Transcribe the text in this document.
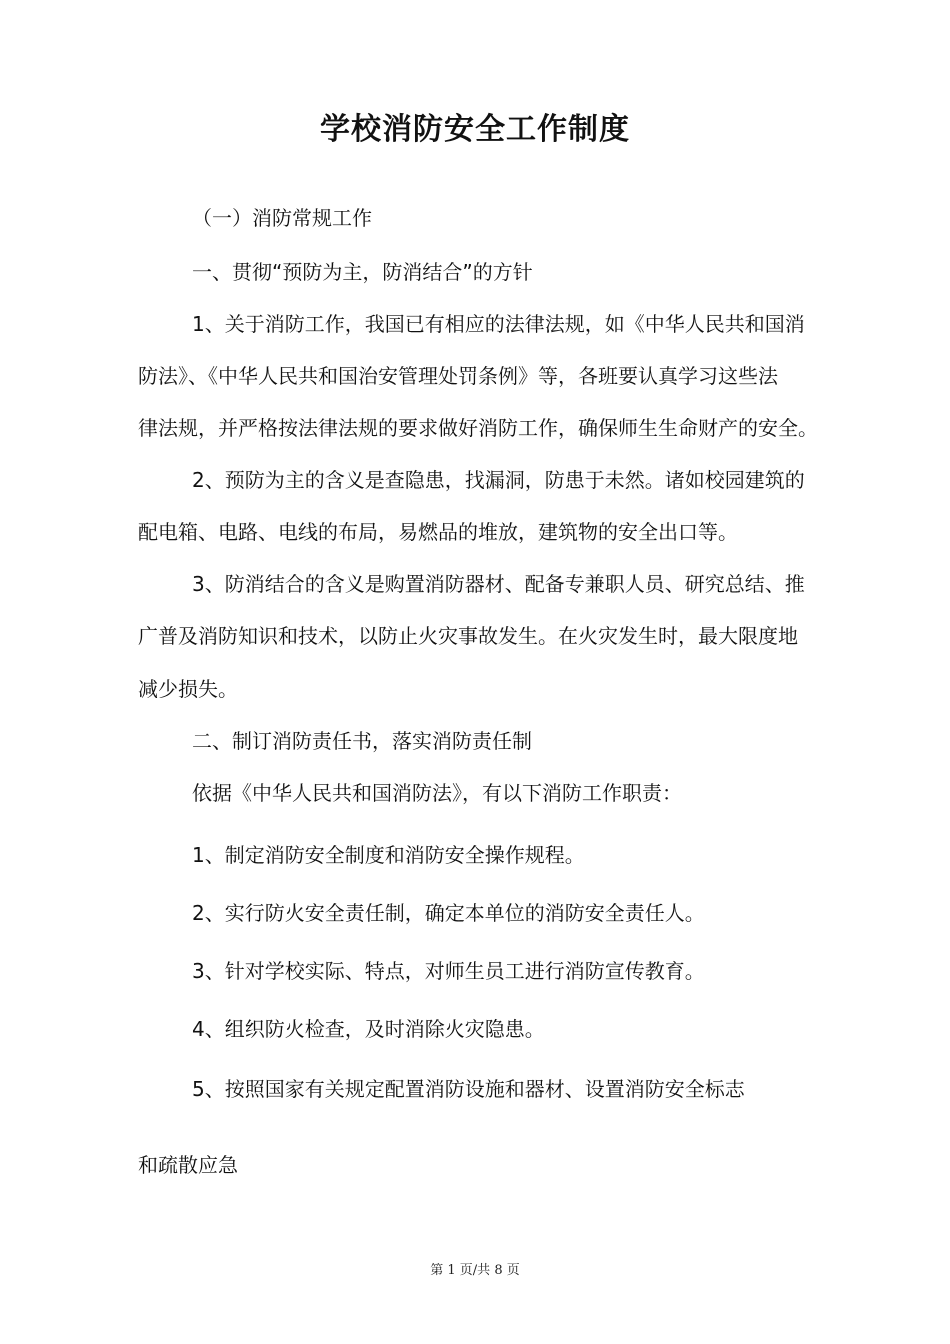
学校消防安全工作制度

（一）消防常规工作

一、贯彻“预防为主，防消结合”的方针

1、关于消防工作，我国已有相应的法律法规，如《中华人民共和国消

防法》、《中华人民共和国治安管理处罚条例》等，各班要认真学习这些法

律法规，并严格按法律法规的要求做好消防工作，确保师生生命财产的安全。

2、预防为主的含义是查隐患，找漏洞，防患于未然。诸如校园建筑的

配电箱、电路、电线的布局，易燃品的堆放，建筑物的安全出口等。

3、防消结合的含义是购置消防器材、配备专兼职人员、研究总结、推

广普及消防知识和技术，以防止火灾事故发生。在火灾发生时，最大限度地

减少损失。

二、制订消防责任书，落实消防责任制

依据《中华人民共和国消防法》，有以下消防工作职责：

1、制定消防安全制度和消防安全操作规程。

2、实行防火安全责任制，确定本单位的消防安全责任人。

3、针对学校实际、特点，对师生员工进行消防宣传教育。

4、组织防火检查，及时消除火灾隐患。

5、按照国家有关规定配置消防设施和器材、设置消防安全标志

和疏散应急

第 1 页/共 8 页
